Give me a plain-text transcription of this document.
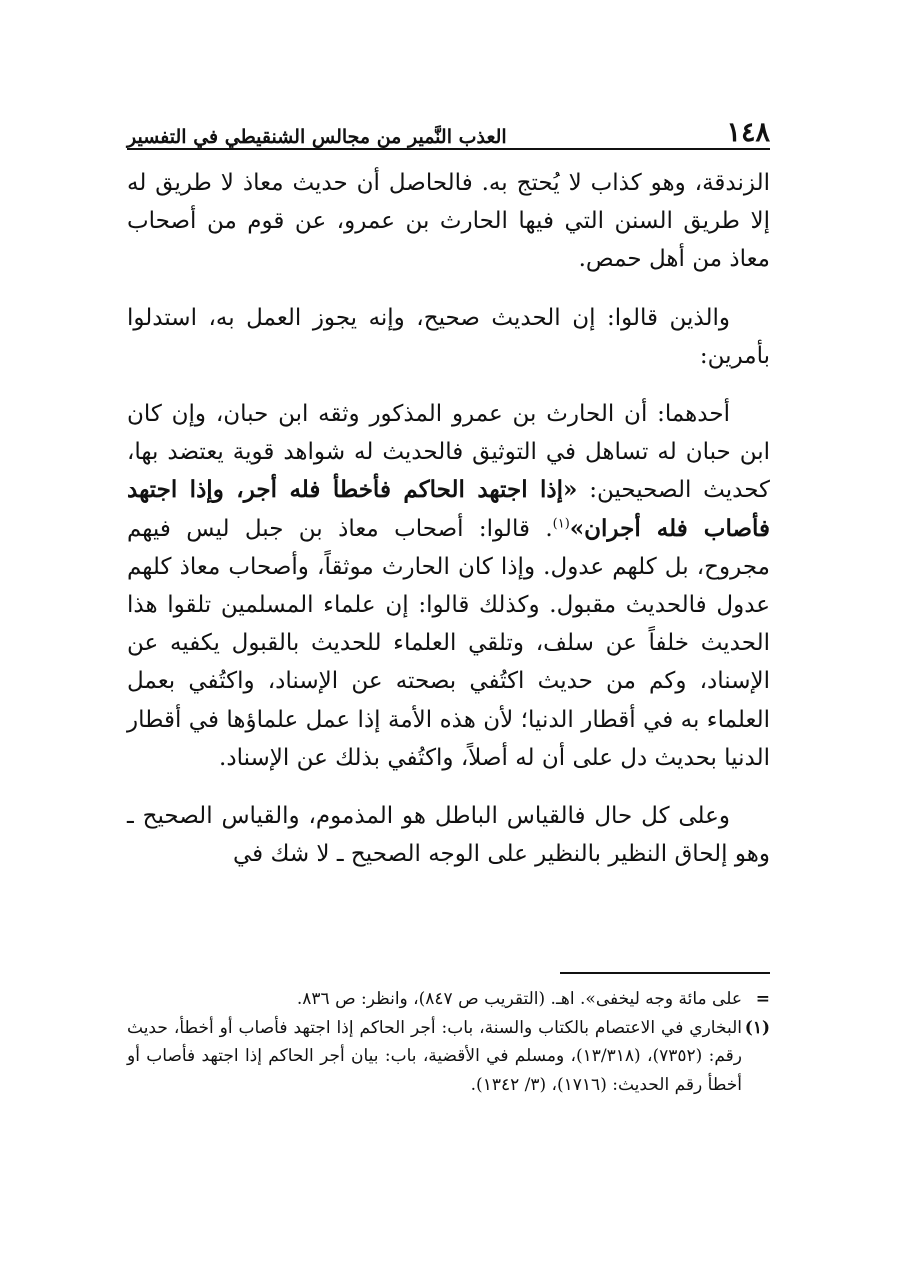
١٤٨
العذب النَّمير من مجالس الشنقيطي في التفسير

الزندقة، وهو كذاب لا يُحتج به. فالحاصل أن حديث معاذ لا طريق له إلا طريق السنن التي فيها الحارث بن عمرو، عن قوم من أصحاب معاذ من أهل حمص.

والذين قالوا: إن الحديث صحيح، وإنه يجوز العمل به، استدلوا بأمرين:

أحدهما: أن الحارث بن عمرو المذكور وثقه ابن حبان، وإن كان ابن حبان له تساهل في التوثيق فالحديث له شواهد قوية يعتضد بها، كحديث الصحيحين: «إذا اجتهد الحاكم فأخطأ فله أجر، وإذا اجتهد فأصاب فله أجران»$^{(١)}$. قالوا: أصحاب معاذ بن جبل ليس فيهم مجروح، بل كلهم عدول. وإذا كان الحارث موثقاً، وأصحاب معاذ كلهم عدول فالحديث مقبول. وكذلك قالوا: إن علماء المسلمين تلقوا هذا الحديث خلفاً عن سلف، وتلقي العلماء للحديث بالقبول يكفيه عن الإسناد، وكم من حديث اكتُفي بصحته عن الإسناد، واكتُفي بعمل العلماء به في أقطار الدنيا؛ لأن هذه الأمة إذا عمل علماؤها في أقطار الدنيا بحديث دل على أن له أصلاً، واكتُفي بذلك عن الإسناد.

وعلى كل حال فالقياس الباطل هو المذموم، والقياس الصحيح ـ وهو إلحاق النظير بالنظير على الوجه الصحيح ـ لا شك في

=
على مائة وجه ليخفى». اهـ. (التقريب ص ٨٤٧)، وانظر: ص ٨٣٦.
(١)
البخاري في الاعتصام بالكتاب والسنة، باب: أجر الحاكم إذا اجتهد فأصاب أو أخطأ، حديث رقم: (٧٣٥٢)، (١٣/٣١٨)، ومسلم في الأقضية، باب: بيان أجر الحاكم إذا اجتهد فأصاب أو أخطأ رقم الحديث: (١٧١٦)، (٣/ ١٣٤٢).
